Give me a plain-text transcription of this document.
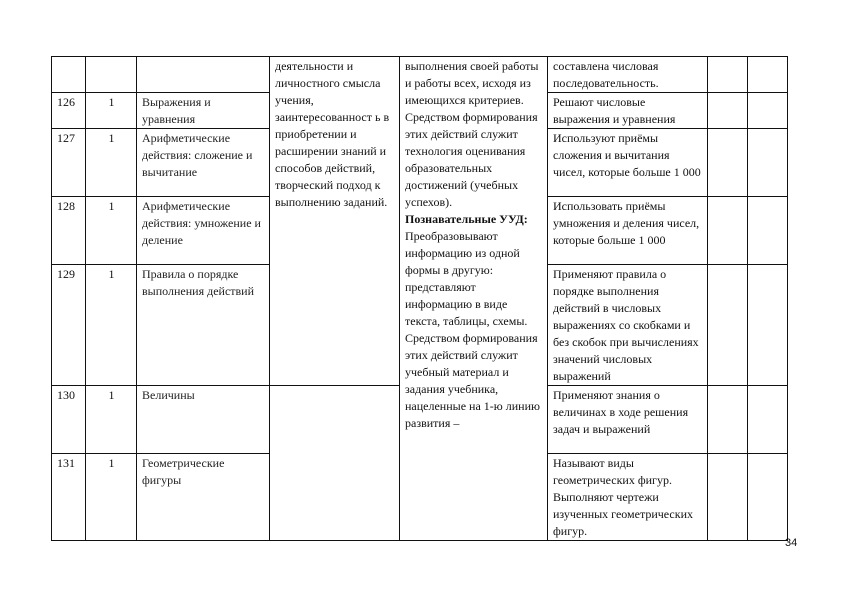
			деятельности и личностного смысла учения, заинтересованност ь в приобретении и расширении знаний и способов действий, творческий подход к выполнению заданий.	выполнения своей работы и работы всех, исходя из имеющихся критериев.
Средством формирования этих действий служит технология оценивания образовательных достижений (учебных успехов).
Познавательные УУД:
Преобразовывают информацию из одной формы в другую: представляют информацию в виде текста, таблицы, схемы.
Средством формирования этих действий служит учебный материал и задания учебника, нацеленные на 1-ю линию развития –	составлена числовая последовательность.		
126	1	Выражения и уравнения			Решают числовые выражения и уравнения		
127	1	Арифметические действия: сложение и вычитание			Используют приёмы сложения и вычитания чисел, которые больше 1 000		
128	1	Арифметические действия: умножение и деление			Использовать приёмы умножения и деления чисел, которые больше 1 000		
129	1	Правила о порядке выполнения действий			Применяют правила о порядке выполнения действий в числовых выражениях со скобками и без скобок при вычислениях значений числовых выражений		
130	1	Величины			Применяют знания о величинах в ходе решения задач и выражений		
131	1	Геометрические фигуры			Называют виды геометрических фигур. Выполняют чертежи изученных геометрических фигур.		
34
